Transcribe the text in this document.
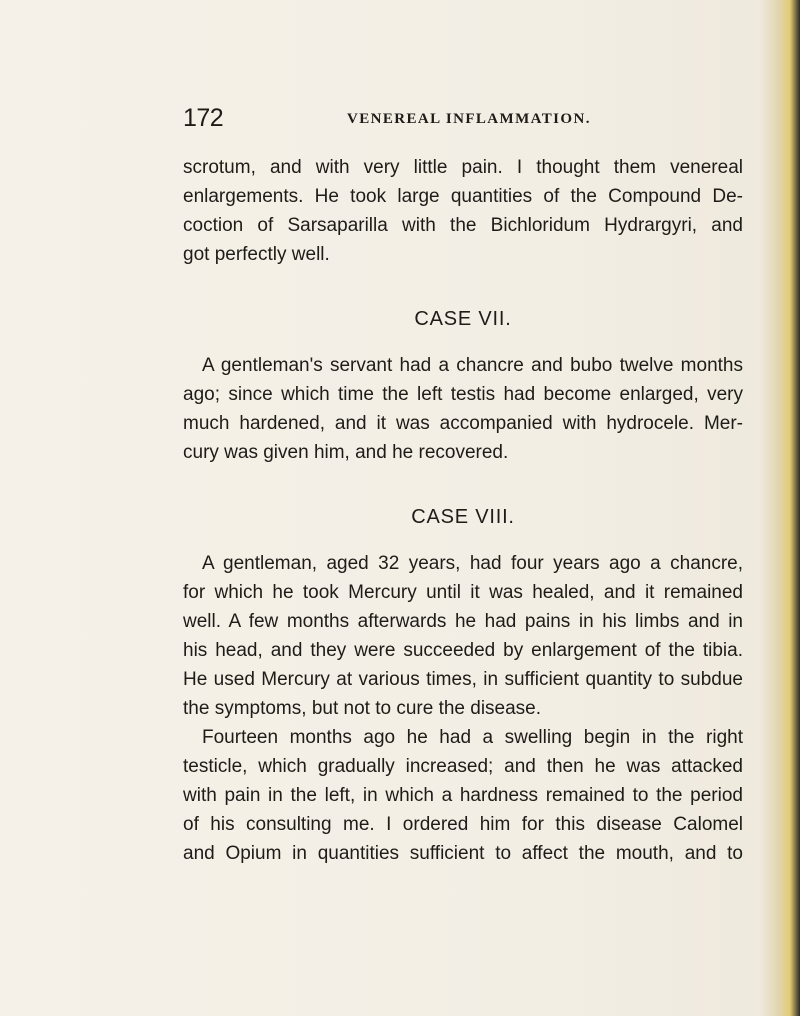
172	VENEREAL INFLAMMATION.
scrotum, and with very little pain. I thought them venereal
enlargements. He took large quantities of the Compound De-
coction of Sarsaparilla with the Bichloridum Hydrargyri, and
got perfectly well.
CASE VII.
A gentleman's servant had a chancre and bubo twelve months
ago; since which time the left testis had become enlarged, very
much hardened, and it was accompanied with hydrocele. Mer-
cury was given him, and he recovered.
CASE VIII.
A gentleman, aged 32 years, had four years ago a chancre,
for which he took Mercury until it was healed, and it remained
well. A few months afterwards he had pains in his limbs and in
his head, and they were succeeded by enlargement of the tibia.
He used Mercury at various times, in sufficient quantity to subdue
the symptoms, but not to cure the disease.
Fourteen months ago he had a swelling begin in the right
testicle, which gradually increased; and then he was attacked
with pain in the left, in which a hardness remained to the period
of his consulting me. I ordered him for this disease Calomel
and Opium in quantities sufficient to affect the mouth, and to
